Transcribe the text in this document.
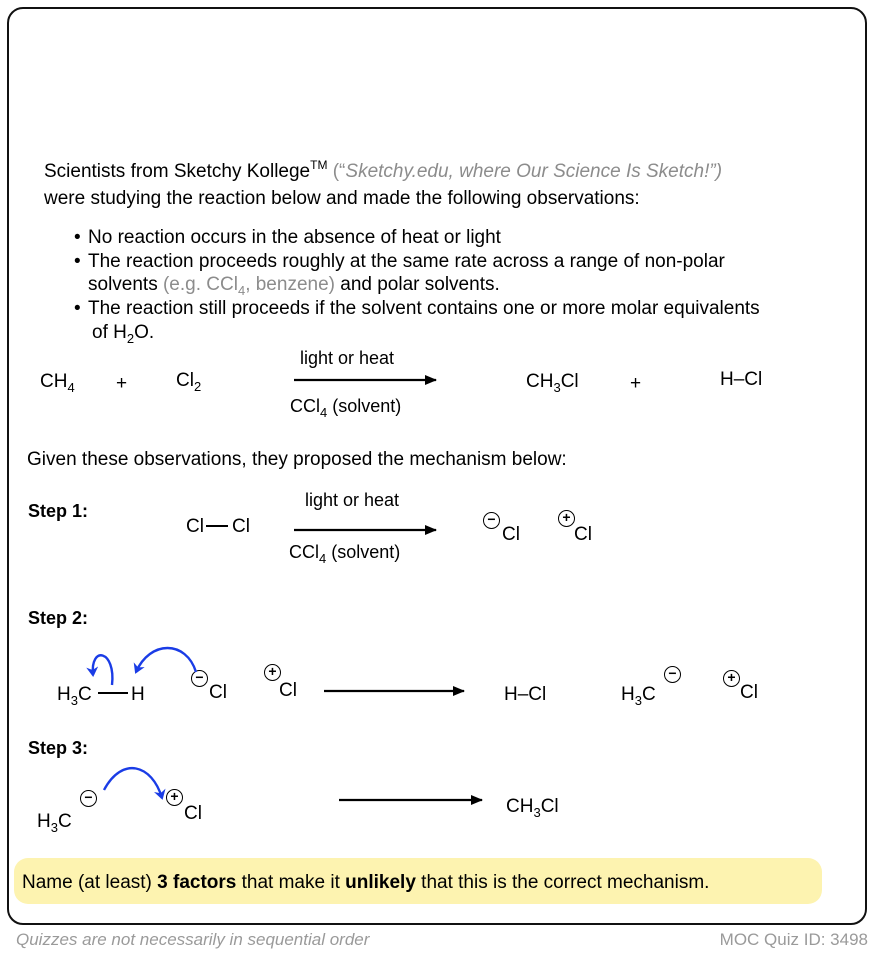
Scientists from Sketchy Kollege™ (“Sketchy.edu, where Our Science Is Sketch!”)
were studying the reaction below and made the following observations:
• No reaction occurs in the absence of heat or light
• The reaction proceeds roughly at the same rate across a range of non-polar
solvents (e.g. CCl$_4$, benzene) and polar solvents.
• The reaction still proceeds if the solvent contains one or more molar equivalents
of $H_2O$.
$CH_4$ +	$Cl_2$
light or heat
CCl$_4$ (solvent)
$CH_3Cl$	+	H–Cl
Given these observations, they proposed the mechanism below:
Step 1:
Cl Cl
light or heat
CCl$_4$ (solvent)
−
Cl
+
Cl
Step 2:
$H_3C$ H
−
Cl
+
Cl	H–Cl	$H_3C$
−	+
Cl
Step 3:
$H_3C$
−	+
Cl	$CH_3Cl$
Name (at least) 3 factors that make it unlikely that this is the correct mechanism.
Quizzes are not necessarily in sequential order	MOC Quiz ID: 3498
